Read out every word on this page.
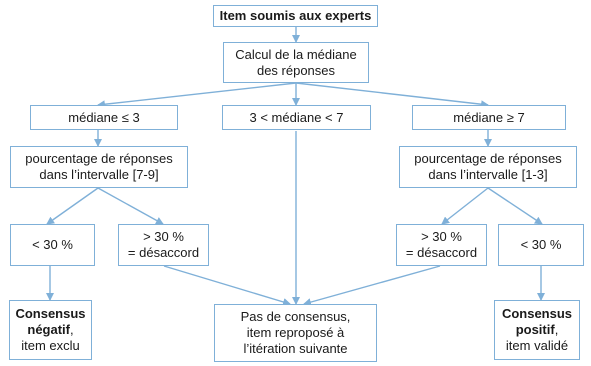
Item soumis aux experts
Calcul de la médiane
des réponses
médiane ≤ 3	3 < médiane < 7	médiane ≥ 7
pourcentage de réponses
dans l’intervalle [7-9]
pourcentage de réponses
dans l’intervalle [1-3]
< 30 %
> 30 %
= désaccord
> 30 %
= désaccord
< 30 %
Consensus
négatif,
item exclu
Pas de consensus,
item reproposé à
l’itération suivante
Consensus
positif,
item validé
